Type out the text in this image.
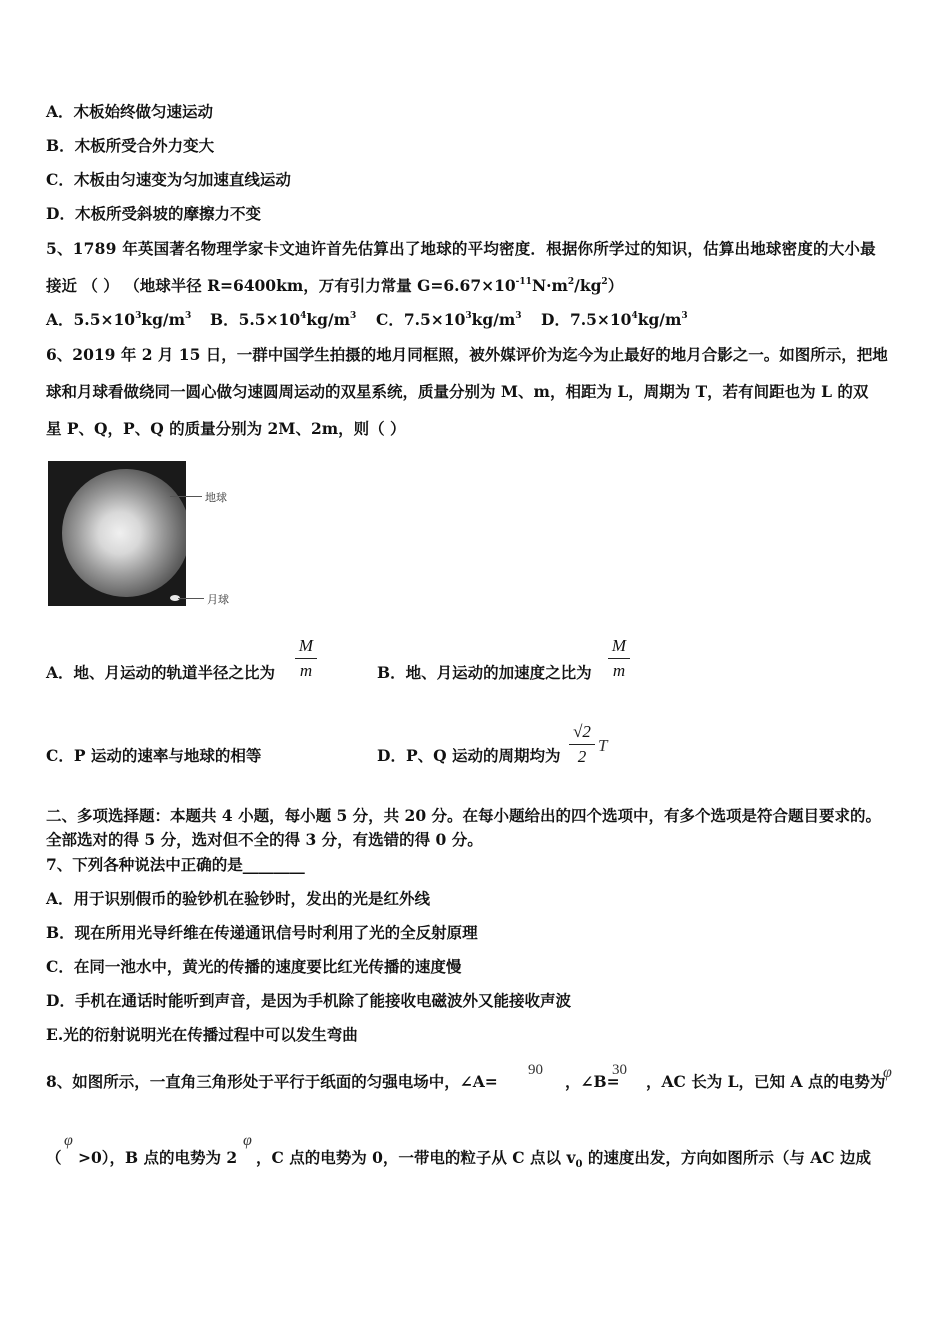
A．木板始终做匀速运动
B．木板所受合外力变大
C．木板由匀速变为匀加速直线运动
D．木板所受斜坡的摩擦力不变
5、1789 年英国著名物理学家卡文迪许首先估算出了地球的平均密度．根据你所学过的知识，估算出地球密度的大小最
接近 （ ） （地球半径 R=6400km，万有引力常量 $G=6.67\times 10^{-11}N\cdot m^2/kg^2$）
A．$5.5\times 10^3kg/m^3$ B．$5.5\times 10^4kg/m^3$ C．$7.5\times 10^3kg/m^3$ D．$7.5\times 10^4kg/m^3$
6、2019 年 2 月 15 日，一群中国学生拍摄的地月同框照，被外媒评价为迄今为止最好的地月合影之一。如图所示，把地
球和月球看做绕同一圆心做匀速圆周运动的双星系统，质量分别为 M、m，相距为 L，周期为 T，若有间距也为 L 的双
星 P、Q，P、Q 的质量分别为 2M、2m，则（ ）
地球
月球
A．地、月运动的轨道半径之比为 $\frac{M}{m}$	B．地、月运动的加速度之比为 $\frac{M}{m}$
C．P 运动的速率与地球的相等	D．P、Q 运动的周期均为 $\frac{√2}{2}$ T
二、多项选择题：本题共 4 小题，每小题 5 分，共 20 分。在每小题给出的四个选项中，有多个选项是符合题目要求的。
全部选对的得 5 分，选对但不全的得 3 分，有选错的得 0 分。
7、下列各种说法中正确的是________
A．用于识别假币的验钞机在验钞时，发出的光是红外线
B．现在所用光导纤维在传递通讯信号时利用了光的全反射原理
C．在同一池水中，黄光的传播的速度要比红光传播的速度慢
D．手机在通话时能听到声音，是因为手机除了能接收电磁波外又能接收声波
E.光的衍射说明光在传播过程中可以发生弯曲
8、如图所示，一直角三角形处于平行于纸面的匀强电场中，∠A=
90
，∠B=
30
，AC 长为 L，已知 A 点的电势为
φ
（
φ
>0），B 点的电势为 2
φ
，C 点的电势为 0，一带电的粒子从 C 点以 $v_0$ 的速度出发，方向如图所示（与 AC 边成
